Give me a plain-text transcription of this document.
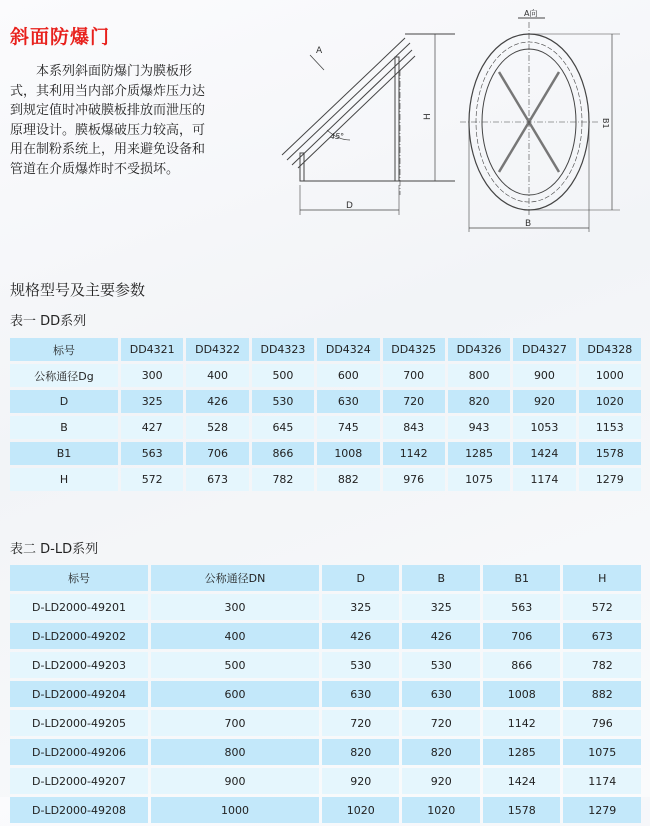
斜面防爆门
本系列斜面防爆门为膜板形式，其利用当内部介质爆炸压力达到规定值时冲破膜板排放而泄压的原理设计。膜板爆破压力较高，可用在制粉系统上，用来避免设备和管道在介质爆炸时不受损坏。
A
45°
H
D
A向
B1
B
规格型号及主要参数
表一 DD系列
标号	DD4321	DD4322	DD4323	DD4324	DD4325	DD4326	DD4327	DD4328
公称通径Dg	300	400	500	600	700	800	900	1000
D	325	426	530	630	720	820	920	1020
B	427	528	645	745	843	943	1053	1153
B1	563	706	866	1008	1142	1285	1424	1578
H	572	673	782	882	976	1075	1174	1279
表二 D-LD系列
标号	公称通径DN	D	B	B1	H
D-LD2000-49201	300	325	325	563	572
D-LD2000-49202	400	426	426	706	673
D-LD2000-49203	500	530	530	866	782
D-LD2000-49204	600	630	630	1008	882
D-LD2000-49205	700	720	720	1142	796
D-LD2000-49206	800	820	820	1285	1075
D-LD2000-49207	900	920	920	1424	1174
D-LD2000-49208	1000	1020	1020	1578	1279
